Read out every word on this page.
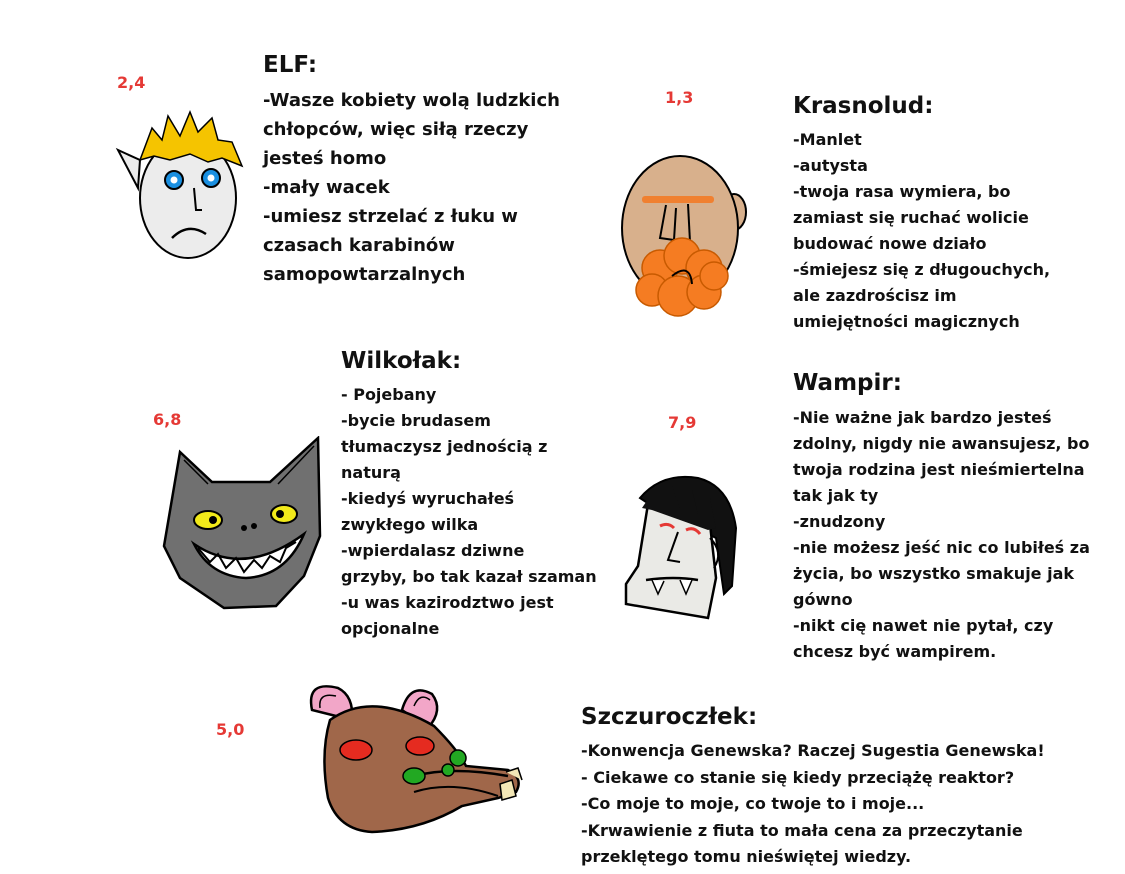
2,4
ELF:
-Wasze kobiety wolą ludzkich
chłopców, więc siłą rzeczy
jesteś homo
-mały wacek
-umiesz strzelać z łuku w
czasach karabinów
samopowtarzalnych
1,3	Krasnolud:
-Manlet
-autysta
-twoja rasa wymiera, bo
zamiast się ruchać wolicie
budować nowe działo
-śmiejesz się z długouchych,
ale zazdrościsz im
umiejętności magicznych
6,8
Wilkołak:
- Pojebany
-bycie brudasem
tłumaczysz jednością z
naturą
-kiedyś wyruchałeś
zwykłego wilka
-wpierdalasz dziwne
grzyby, bo tak kazał szaman
-u was kazirodztwo jest
opcjonalne
7,9
Wampir:
-Nie ważne jak bardzo jesteś
zdolny, nigdy nie awansujesz, bo
twoja rodzina jest nieśmiertelna
tak jak ty
-znudzony
-nie możesz jeść nic co lubiłeś za
życia, bo wszystko smakuje jak
gówno
-nikt cię nawet nie pytał, czy
chcesz być wampirem.
5,0	Szczuroczłek:
-Konwencja Genewska? Raczej Sugestia Genewska!
- Ciekawe co stanie się kiedy przeciążę reaktor?
-Co moje to moje, co twoje to i moje...
-Krwawienie z fiuta to mała cena za przeczytanie
przeklętego tomu nieświętej wiedzy.
